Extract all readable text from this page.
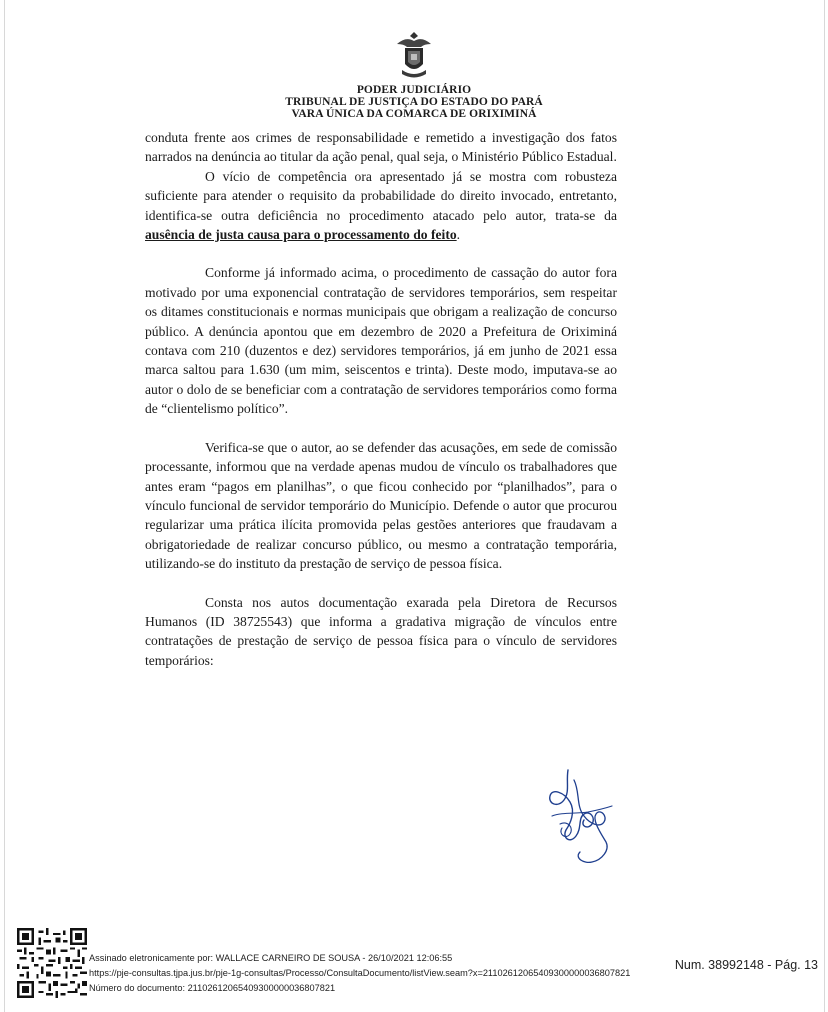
PODER JUDICIÁRIO
TRIBUNAL DE JUSTIÇA DO ESTADO DO PARÁ
VARA ÚNICA DA COMARCA DE ORIXIMINÁ

conduta frente aos crimes de responsabilidade e remetido a investigação dos fatos narrados na denúncia ao titular da ação penal, qual seja, o Ministério Público Estadual.

O vício de competência ora apresentado já se mostra com robusteza suficiente para atender o requisito da probabilidade do direito invocado, entretanto, identifica-se outra deficiência no procedimento atacado pelo autor, trata-se da ausência de justa causa para o processamento do feito.

Conforme já informado acima, o procedimento de cassação do autor fora motivado por uma exponencial contratação de servidores temporários, sem respeitar os ditames constitucionais e normas municipais que obrigam a realização de concurso público. A denúncia apontou que em dezembro de 2020 a Prefeitura de Oriximiná contava com 210 (duzentos e dez) servidores temporários, já em junho de 2021 essa marca saltou para 1.630 (um mim, seiscentos e trinta). Deste modo, imputava-se ao autor o dolo de se beneficiar com a contratação de servidores temporários como forma de “clientelismo político”.

Verifica-se que o autor, ao se defender das acusações, em sede de comissão processante, informou que na verdade apenas mudou de vínculo os trabalhadores que antes eram “pagos em planilhas”, o que ficou conhecido por “planilhados”, para o vínculo funcional de servidor temporário do Município. Defende o autor que procurou regularizar uma prática ilícita promovida pelas gestões anteriores que fraudavam a obrigatoriedade de realizar concurso público, ou mesmo a contratação temporária, utilizando-se do instituto da prestação de serviço de pessoa física.

Consta nos autos documentação exarada pela Diretora de Recursos Humanos (ID 38725543) que informa a gradativa migração de vínculos entre contratações de prestação de serviço de pessoa física para o vínculo de servidores temporários:

Assinado eletronicamente por: WALLACE CARNEIRO DE SOUSA - 26/10/2021 12:06:55
https://pje-consultas.tjpa.jus.br/pje-1g-consultas/Processo/ConsultaDocumento/listView.seam?x=21102612065409300000036807821
Número do documento: 21102612065409300000036807821
Num. 38992148 - Pág. 13
